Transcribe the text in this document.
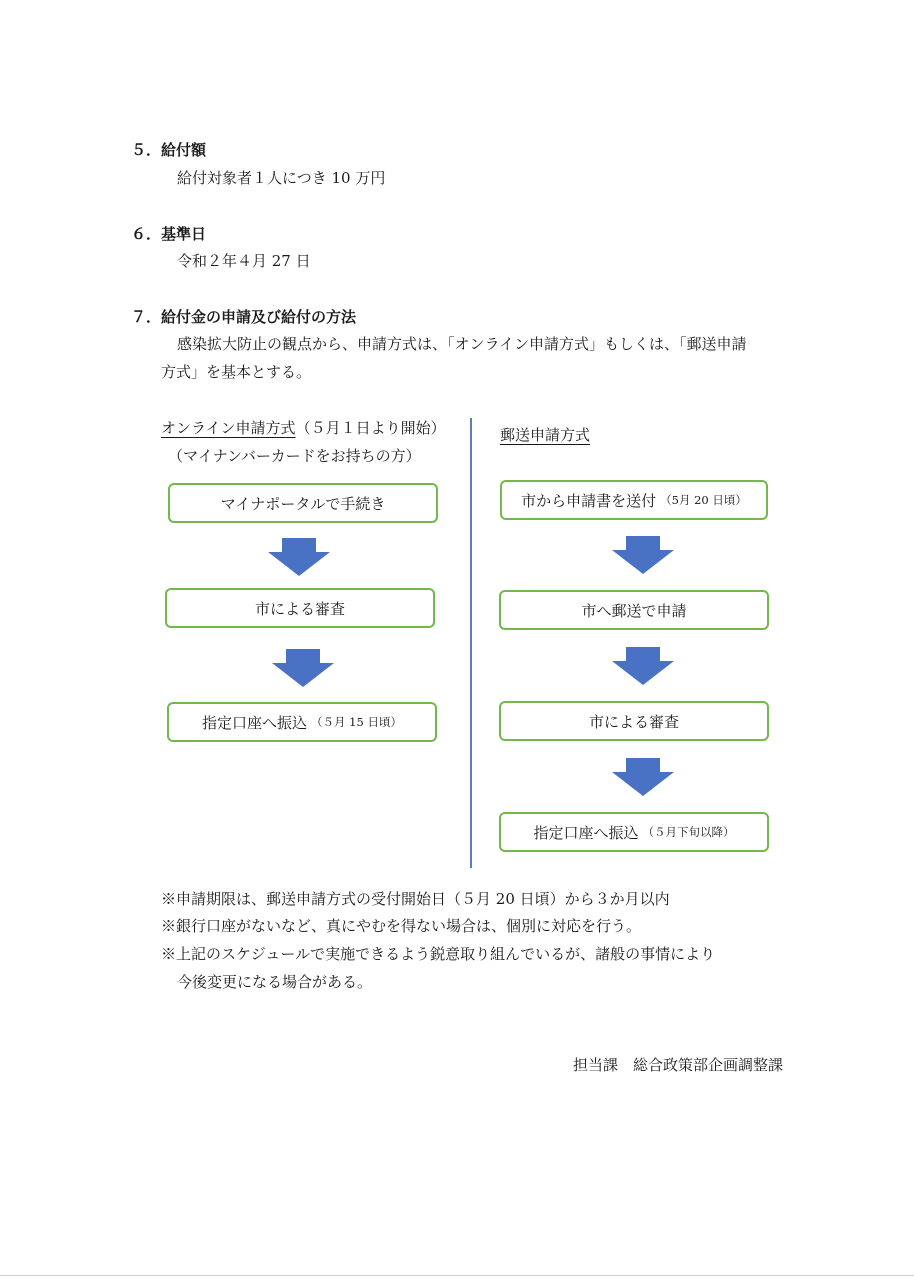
５．給付額
給付対象者１人につき 10 万円
６．基準日
令和２年４月 27 日
７．給付金の申請及び給付の方法
感染拡大防止の観点から、申請方式は、「オンライン申請方式」もしくは、「郵送申請
方式」を基本とする。
オンライン申請方式（５月１日より開始）
（マイナンバーカードをお持ちの方）
マイナポータルで手続き
市による審査
指定口座へ振込 （５月 15 日頃）
郵送申請方式
市から申請書を送付 （5月 20 日頃）
市へ郵送で申請
市による審査
指定口座へ振込 （５月下旬以降）
※申請期限は、郵送申請方式の受付開始日（５月 20 日頃）から３か月以内
※銀行口座がないなど、真にやむを得ない場合は、個別に対応を行う。
※上記のスケジュールで実施できるよう鋭意取り組んでいるが、諸般の事情により
今後変更になる場合がある。
担当課　総合政策部企画調整課
